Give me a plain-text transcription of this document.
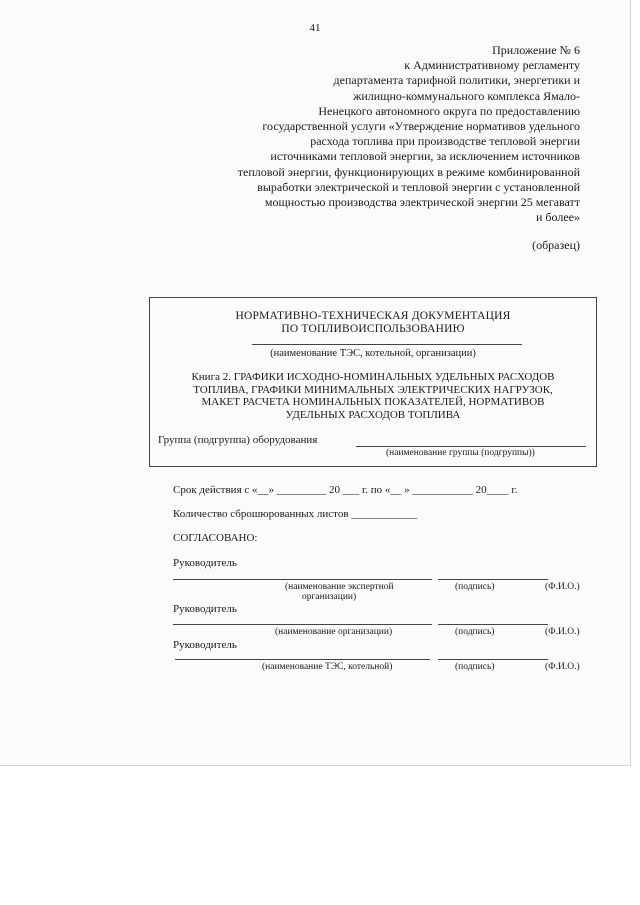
41
Приложение № 6
к Административному регламенту
департамента тарифной политики, энергетики и
жилищно-коммунального комплекса Ямало-
Ненецкого автономного округа по предоставлению
государственной услуги «Утверждение нормативов удельного
расхода топлива при производстве тепловой энергии
источниками тепловой энергии, за исключением источников
тепловой энергии, функционирующих в режиме комбинированной
выработки электрической и тепловой энергии с установленной
мощностью производства электрической энергии 25 мегаватт
и более»
(образец)
НОРМАТИВНО-ТЕХНИЧЕСКАЯ ДОКУМЕНТАЦИЯ
ПО ТОПЛИВОИСПОЛЬЗОВАНИЮ
(наименование ТЭС, котельной, организации)
Книга 2. ГРАФИКИ ИСХОДНО-НОМИНАЛЬНЫХ УДЕЛЬНЫХ РАСХОДОВ
ТОПЛИВА, ГРАФИКИ МИНИМАЛЬНЫХ ЭЛЕКТРИЧЕСКИХ НАГРУЗОК,
МАКЕТ РАСЧЕТА НОМИНАЛЬНЫХ ПОКАЗАТЕЛЕЙ, НОРМАТИВОВ
УДЕЛЬНЫХ РАСХОДОВ ТОПЛИВА
Группа (подгруппа) оборудования
(наименование группы (подгруппы))
Срок действия с «__» _________ 20 ___ г. по «__ » ___________ 20____ г.
Количество сброшюрованных листов ____________
СОГЛАСОВАНО:
Руководитель
(наименование экспертной
организации)
(подпись)	(Ф.И.О.)
Руководитель
(наименование организации)	(подпись)	(Ф.И.О.)
Руководитель
(наименование ТЭС, котельной)	(подпись)	(Ф.И.О.)
